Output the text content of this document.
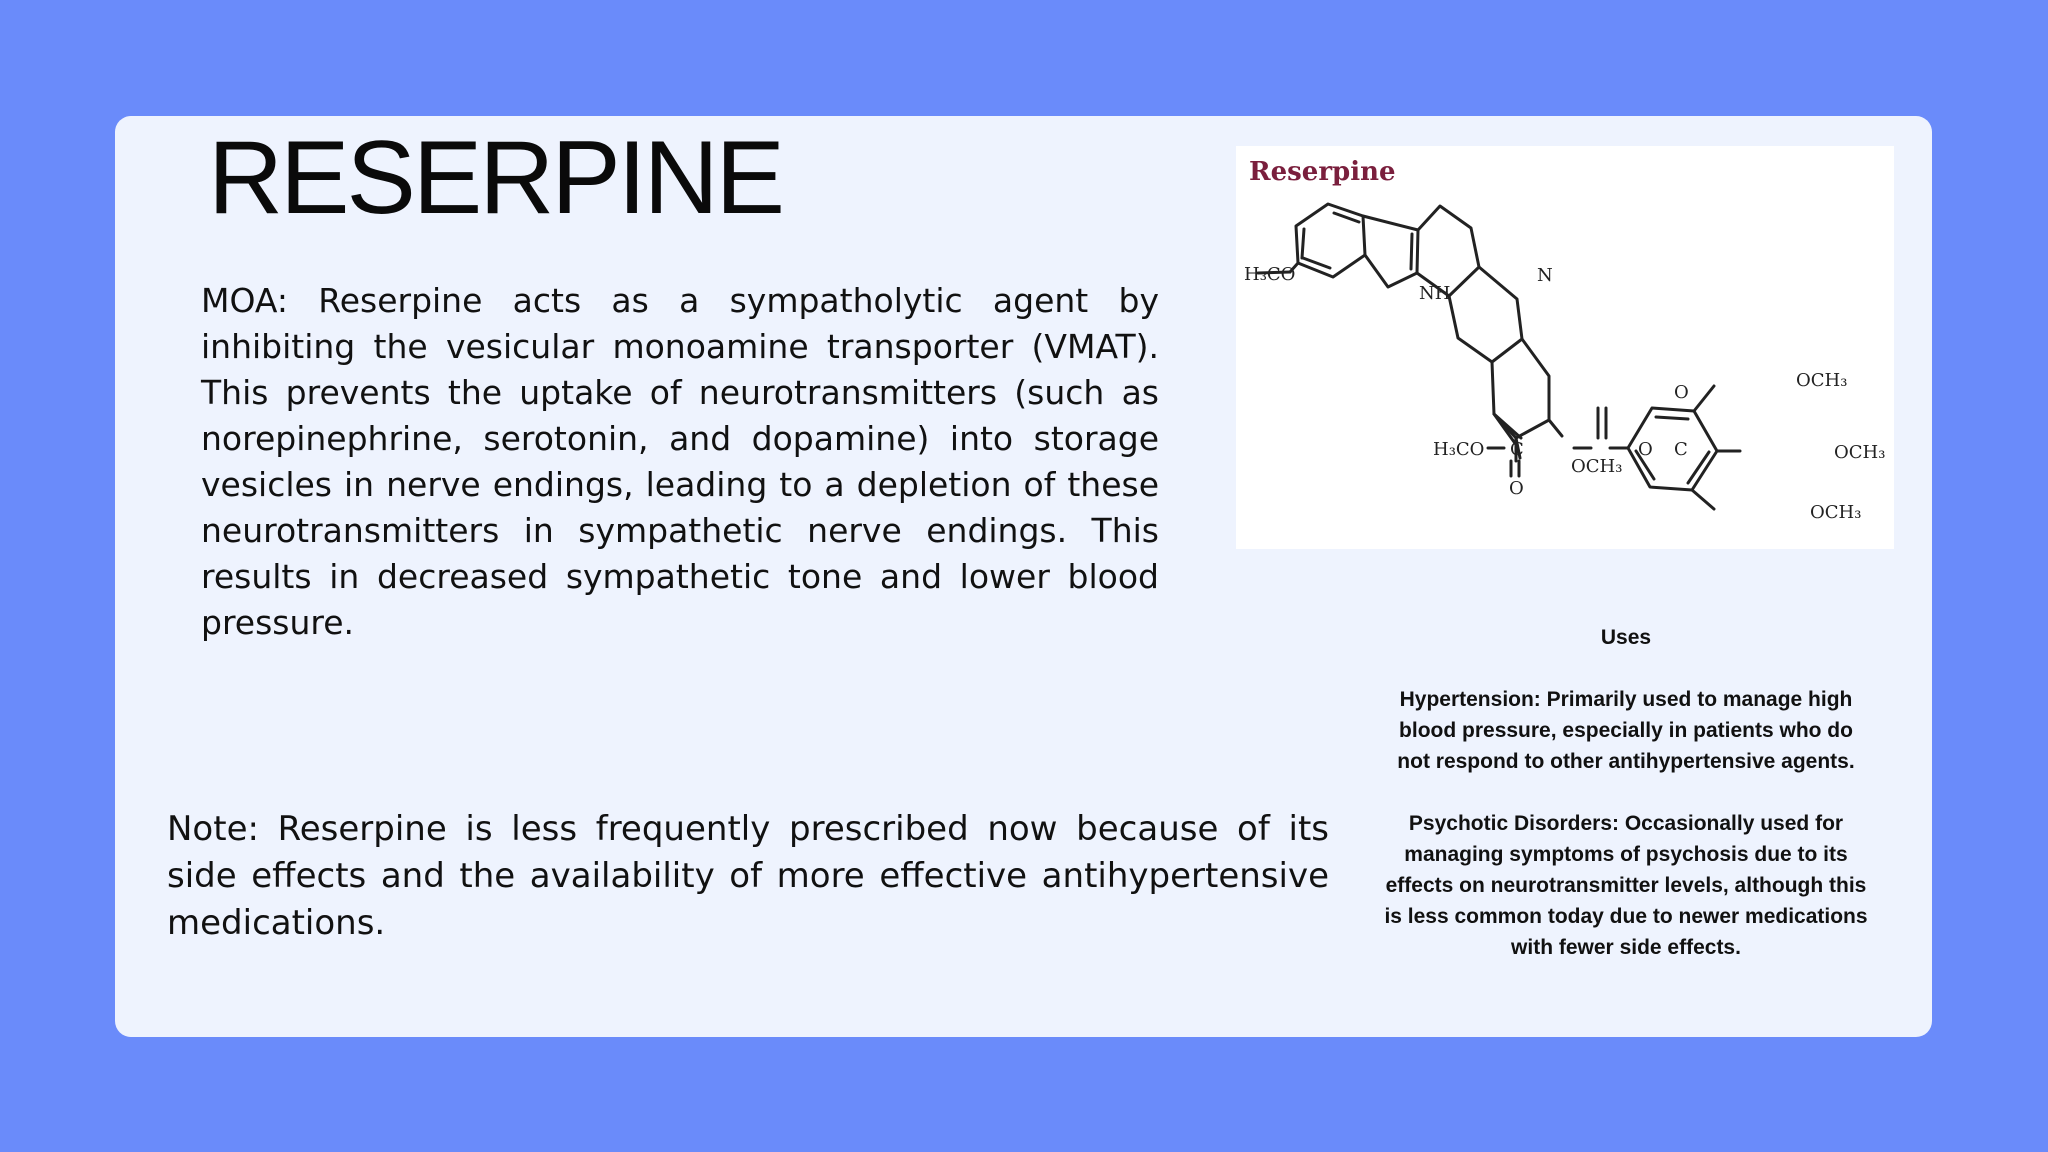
RESERPINE

MOA: Reserpine acts as a sympatholytic agent by inhibiting the vesicular monoamine transporter (VMAT). This prevents the uptake of neurotransmitters (such as norepinephrine, serotonin, and dopamine) into storage vesicles in nerve endings, leading to a depletion of these neurotransmitters in sympathetic nerve endings. This results in decreased sympathetic tone and lower blood pressure.

Reserpine
H₃CO
NH
N
H₃CO C
O
OCH₃
O C
O
OCH₃
OCH₃
OCH₃

Uses

Hypertension: Primarily used to manage high blood pressure, especially in patients who do not respond to other antihypertensive agents.

Psychotic Disorders: Occasionally used for managing symptoms of psychosis due to its effects on neurotransmitter levels, although this is less common today due to newer medications with fewer side effects.

Note: Reserpine is less frequently prescribed now because of its side effects and the availability of more effective antihypertensive medications.
